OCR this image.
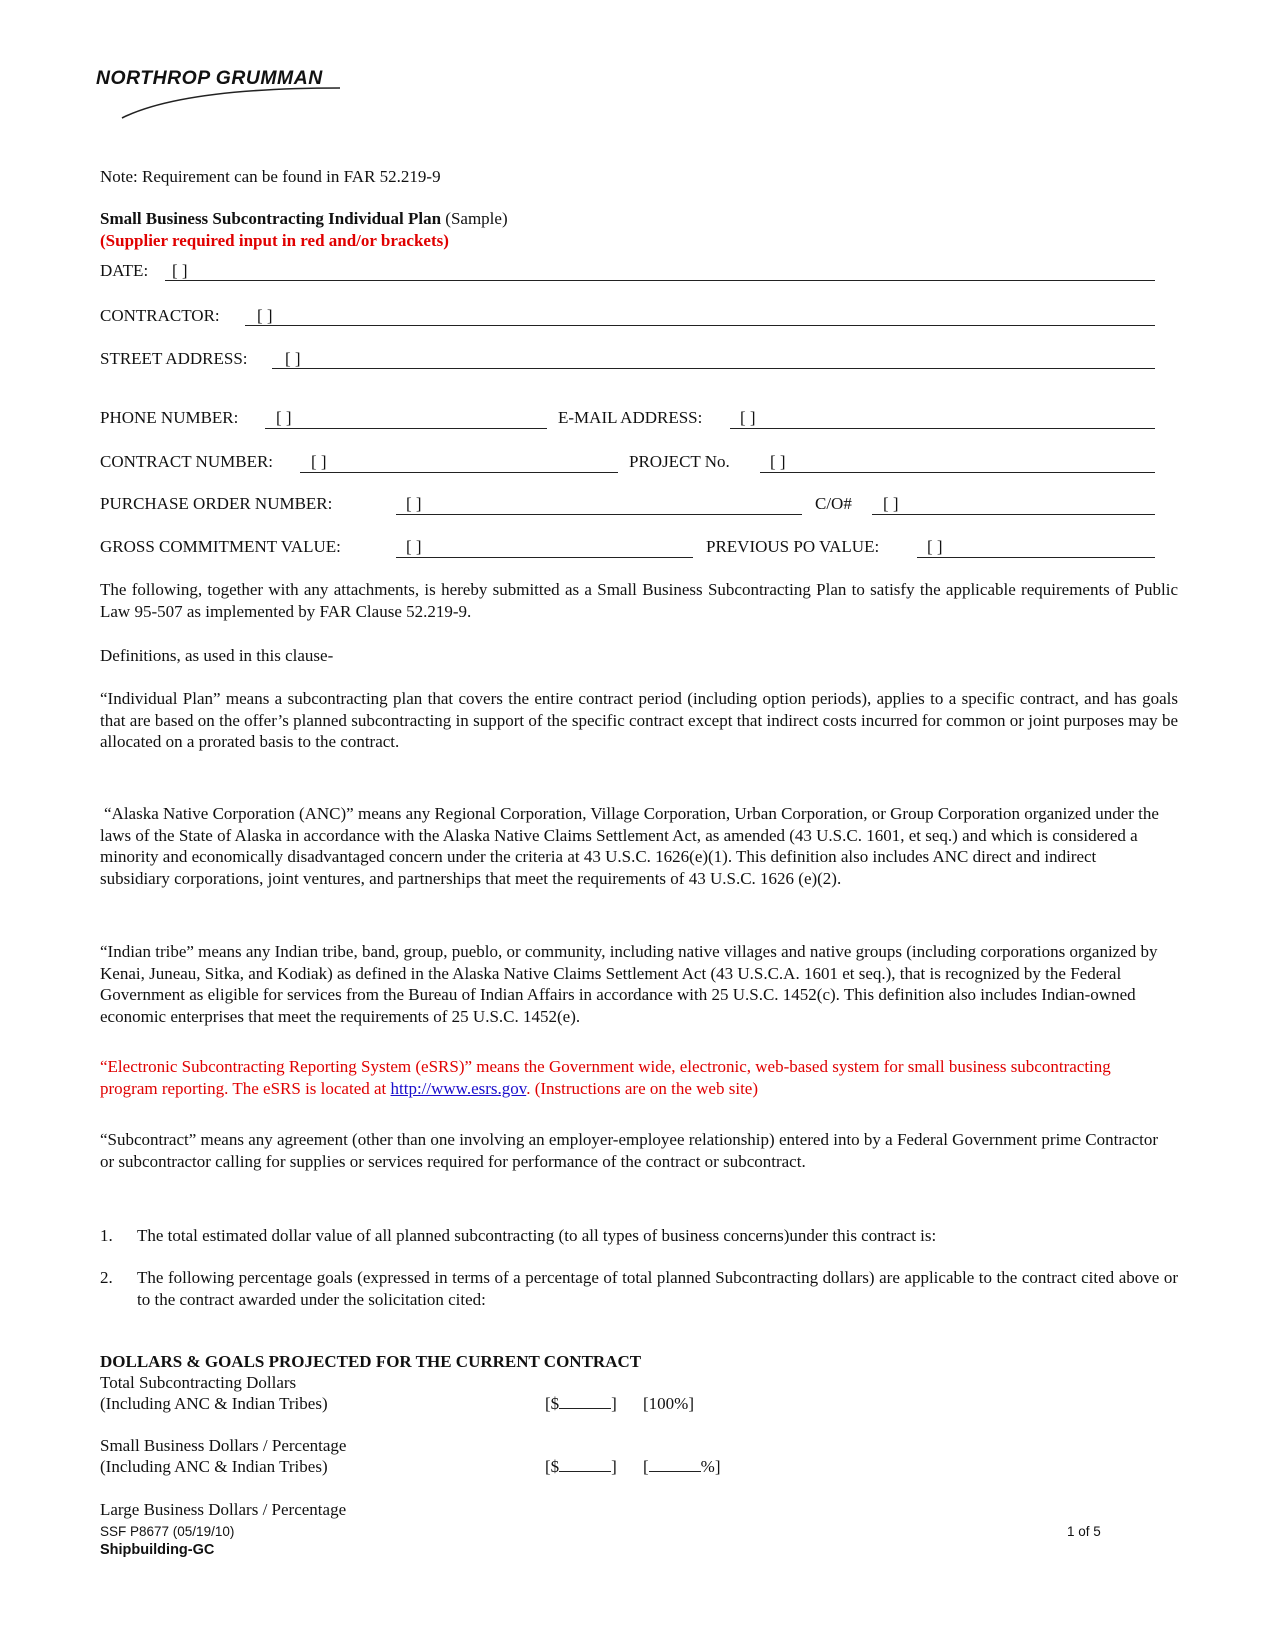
NORTHROP GRUMMAN
Note: Requirement can be found in FAR 52.219-9
Small Business Subcontracting Individual Plan (Sample)
(Supplier required input in red and/or brackets)
DATE: [ ]
CONTRACTOR: [ ]
STREET ADDRESS: [ ]
PHONE NUMBER: [ ]	E-MAIL ADDRESS: [ ]
CONTRACT NUMBER: [ ]	PROJECT No. [ ]
PURCHASE ORDER NUMBER:	[ ]	C/O# [ ]
GROSS COMMITMENT VALUE:	[ ]	PREVIOUS PO VALUE:	[ ]
The following, together with any attachments, is hereby submitted as a Small Business Subcontracting Plan to satisfy the applicable requirements of Public Law 95-507 as implemented by FAR Clause 52.219-9.
Definitions, as used in this clause-
“Individual Plan” means a subcontracting plan that covers the entire contract period (including option periods), applies to a specific contract, and has goals that are based on the offer’s planned subcontracting in support of the specific contract except that indirect costs incurred for common or joint purposes may be allocated on a prorated basis to the contract.
“Alaska Native Corporation (ANC)” means any Regional Corporation, Village Corporation, Urban Corporation, or Group Corporation organized under the laws of the State of Alaska in accordance with the Alaska Native Claims Settlement Act, as amended (43 U.S.C. 1601, et seq.) and which is considered a minority and economically disadvantaged concern under the criteria at 43 U.S.C. 1626(e)(1). This definition also includes ANC direct and indirect subsidiary corporations, joint ventures, and partnerships that meet the requirements of 43 U.S.C. 1626 (e)(2).
“Indian tribe” means any Indian tribe, band, group, pueblo, or community, including native villages and native groups (including corporations organized by Kenai, Juneau, Sitka, and Kodiak) as defined in the Alaska Native Claims Settlement Act (43 U.S.C.A. 1601 et seq.), that is recognized by the Federal Government as eligible for services from the Bureau of Indian Affairs in accordance with 25 U.S.C. 1452(c). This definition also includes Indian-owned economic enterprises that meet the requirements of 25 U.S.C. 1452(e).
“Electronic Subcontracting Reporting System (eSRS)” means the Government wide, electronic, web-based system for small business subcontracting program reporting. The eSRS is located at http://www.esrs.gov. (Instructions are on the web site)
“Subcontract” means any agreement (other than one involving an employer-employee relationship) entered into by a Federal Government prime Contractor or subcontractor calling for supplies or services required for performance of the contract or subcontract.
1. The total estimated dollar value of all planned subcontracting (to all types of business concerns)under this contract is:
2. The following percentage goals (expressed in terms of a percentage of total planned Subcontracting dollars) are applicable to the contract cited above or to the contract awarded under the solicitation cited:
DOLLARS & GOALS PROJECTED FOR THE CURRENT CONTRACT
Total Subcontracting Dollars
(Including ANC & Indian Tribes)	[$	] [100%]
Small Business Dollars / Percentage
(Including ANC & Indian Tribes)	[$	] [	%]
Large Business Dollars / Percentage
SSF P8677 (05/19/10)
Shipbuilding-GC
1 of 5
